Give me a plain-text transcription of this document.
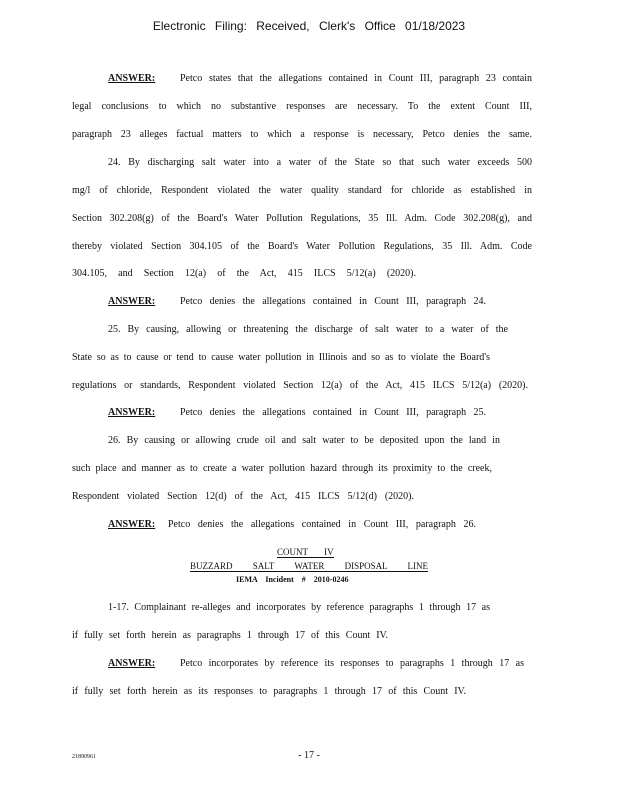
Electronic Filing: Received, Clerk's Office 01/18/2023
ANSWER: Petco states that the allegations contained in Count III, paragraph 23 contain
legal conclusions to which no substantive responses are necessary. To the extent Count III,
paragraph 23 alleges factual matters to which a response is necessary, Petco denies the same.
24. By discharging salt water into a water of the State so that such water exceeds 500
mg/l of chloride, Respondent violated the water quality standard for chloride as established in
Section 302.208(g) of the Board's Water Pollution Regulations, 35 Ill. Adm. Code 302.208(g), and
thereby violated Section 304.105 of the Board's Water Pollution Regulations, 35 Ill. Adm. Code
304.105, and Section 12(a) of the Act, 415 ILCS 5/12(a) (2020).
ANSWER: Petco denies the allegations contained in Count III, paragraph 24.
25. By causing, allowing or threatening the discharge of salt water to a water of the
State so as to cause or tend to cause water pollution in Illinois and so as to violate the Board's
regulations or standards, Respondent violated Section 12(a) of the Act, 415 ILCS 5/12(a) (2020).
ANSWER: Petco denies the allegations contained in Count III, paragraph 25.
26. By causing or allowing crude oil and salt water to be deposited upon the land in
such place and manner as to create a water pollution hazard through its proximity to the creek,
Respondent violated Section 12(d) of the Act, 415 ILCS 5/12(d) (2020).
ANSWER: Petco denies the allegations contained in Count III, paragraph 26.
COUNT IV
BUZZARD SALT WATER DISPOSAL LINE
IEMA Incident # 2010-0246
1-17. Complainant re-alleges and incorporates by reference paragraphs 1 through 17 as
if fully set forth herein as paragraphs 1 through 17 of this Count IV.
ANSWER: Petco incorporates by reference its responses to paragraphs 1 through 17 as
if fully set forth herein as its responses to paragraphs 1 through 17 of this Count IV.
21890961	- 17 -
